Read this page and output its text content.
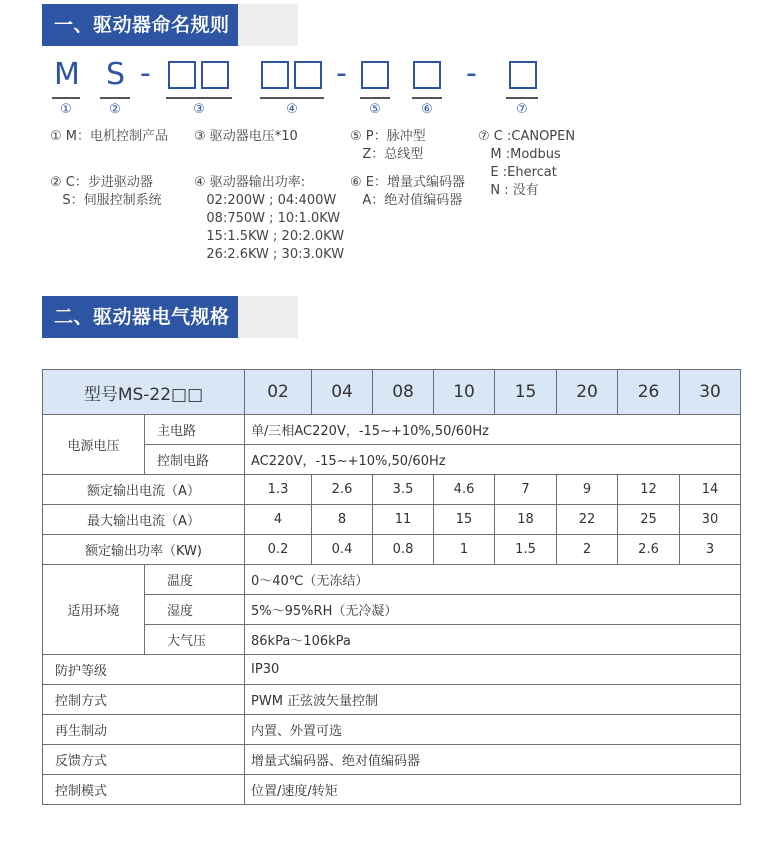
一、驱动器命名规则
M S -	-	-
①	②	③	④	⑤	⑥	⑦
① M：电机控制产品
② C：步进驱动器
S：伺服控制系统
③ 驱动器电压*10
④ 驱动器输出功率:
02:200W ; 04:400W
08:750W ; 10:1.0KW
15:1.5KW ; 20:2.0KW
26:2.6KW ; 30:3.0KW
⑤ P：脉冲型
Z：总线型
⑥ E：增量式编码器
A：绝对值编码器
⑦ C :CANOPEN
M :Modbus
E :Ehercat
N : 没有
二、驱动器电气规格
型号MS-22□□		02	04	08	10	15	20	26	30
电源电压	主电路	单/三相AC220V，-15~+10%,50/60Hz							
	控制电路	AC220V，-15~+10%,50/60Hz							
额定输出电流（A）		1.3	2.6	3.5	4.6	7	9	12	14
最大输出电流（A）		4	8	11	15	18	22	25	30
额定输出功率（KW)		0.2	0.4	0.8	1	1.5	2	2.6	3
适用环境	温度	0～40℃（无冻结）							
	湿度	5%～95%RH（无冷凝）							
	大气压	86kPa～106kPa							
防护等级		IP30							
控制方式		PWM 正弦波矢量控制							
再生制动		内置、外置可选							
反馈方式		增量式编码器、绝对值编码器							
控制模式		位置/速度/转矩							
